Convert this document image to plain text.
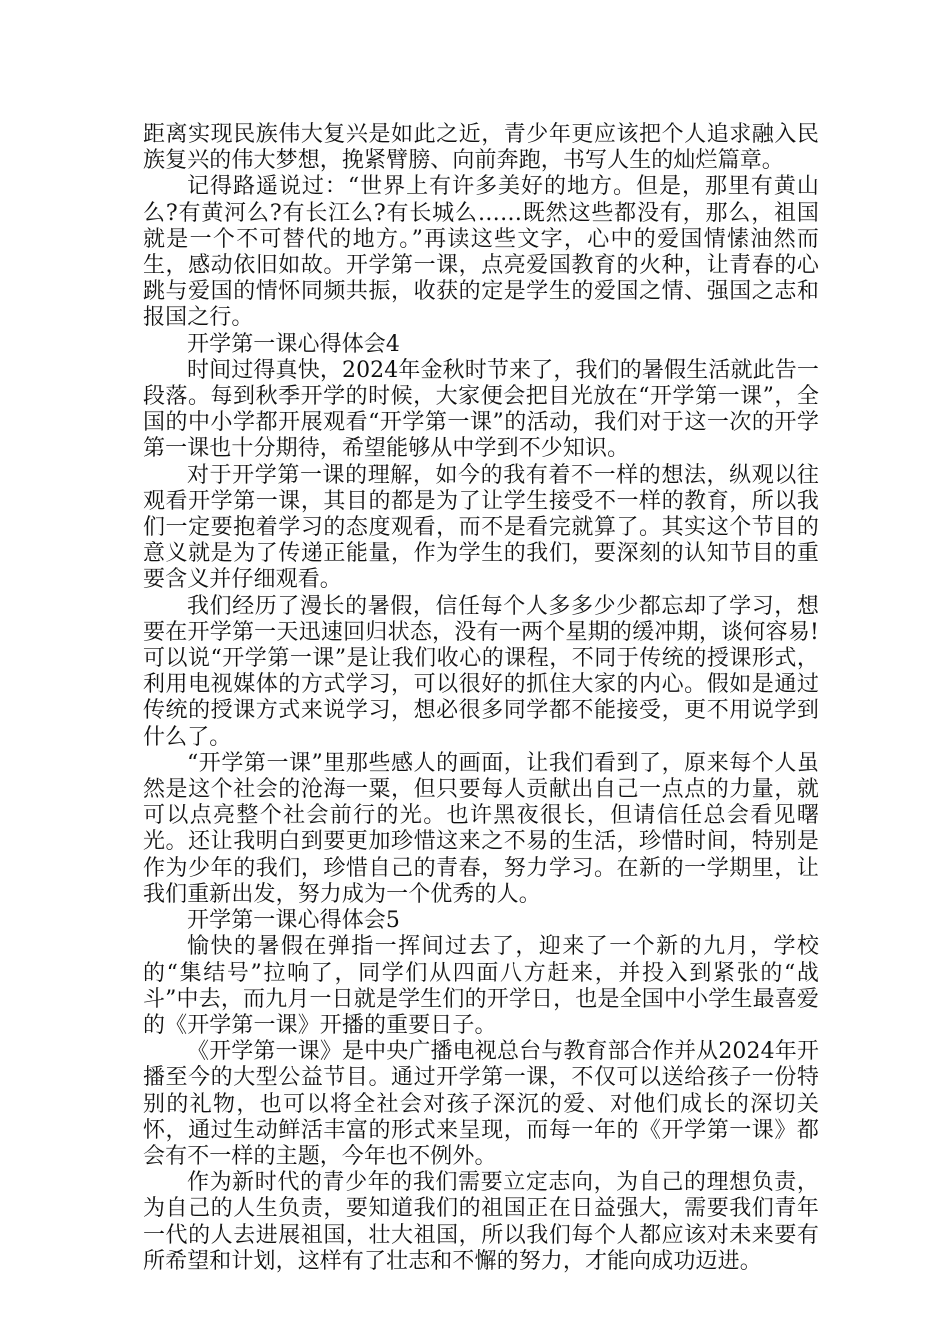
距离实现民族伟大复兴是如此之近，青少年更应该把个人追求融入民族复兴的伟大梦想，挽紧臂膀、向前奔跑，书写人生的灿烂篇章。

记得路遥说过：“世界上有许多美好的地方。但是，那里有黄山么?有黄河么?有长江么?有长城么……既然这些都没有，那么，祖国就是一个不可替代的地方。”再读这些文字，心中的爱国情愫油然而生，感动依旧如故。开学第一课，点亮爱国教育的火种，让青春的心跳与爱国的情怀同频共振，收获的定是学生的爱国之情、强国之志和报国之行。

开学第一课心得体会4

时间过得真快，2024年金秋时节来了，我们的暑假生活就此告一段落。每到秋季开学的时候，大家便会把目光放在“开学第一课”，全国的中小学都开展观看“开学第一课”的活动，我们对于这一次的开学第一课也十分期待，希望能够从中学到不少知识。

对于开学第一课的理解，如今的我有着不一样的想法，纵观以往观看开学第一课，其目的都是为了让学生接受不一样的教育，所以我们一定要抱着学习的态度观看，而不是看完就算了。其实这个节目的意义就是为了传递正能量，作为学生的我们，要深刻的认知节目的重要含义并仔细观看。

我们经历了漫长的暑假，信任每个人多多少少都忘却了学习，想要在开学第一天迅速回归状态，没有一两个星期的缓冲期，谈何容易!可以说“开学第一课”是让我们收心的课程，不同于传统的授课形式，利用电视媒体的方式学习，可以很好的抓住大家的内心。假如是通过传统的授课方式来说学习，想必很多同学都不能接受，更不用说学到什么了。

“开学第一课”里那些感人的画面，让我们看到了，原来每个人虽然是这个社会的沧海一粟，但只要每人贡献出自己一点点的力量，就可以点亮整个社会前行的光。也许黑夜很长，但请信任总会看见曙光。还让我明白到要更加珍惜这来之不易的生活，珍惜时间，特别是作为少年的我们，珍惜自己的青春，努力学习。在新的一学期里，让我们重新出发，努力成为一个优秀的人。

开学第一课心得体会5

愉快的暑假在弹指一挥间过去了，迎来了一个新的九月，学校的“集结号”拉响了，同学们从四面八方赶来，并投入到紧张的“战斗”中去，而九月一日就是学生们的开学日，也是全国中小学生最喜爱的《开学第一课》开播的重要日子。

《开学第一课》是中央广播电视总台与教育部合作并从2024年开播至今的大型公益节目。通过开学第一课，不仅可以送给孩子一份特别的礼物，也可以将全社会对孩子深沉的爱、对他们成长的深切关怀，通过生动鲜活丰富的形式来呈现，而每一年的《开学第一课》都会有不一样的主题，今年也不例外。

作为新时代的青少年的我们需要立定志向，为自己的理想负责，为自己的人生负责，要知道我们的祖国正在日益强大，需要我们青年一代的人去进展祖国，壮大祖国，所以我们每个人都应该对未来要有所希望和计划，这样有了壮志和不懈的努力，才能向成功迈进。
